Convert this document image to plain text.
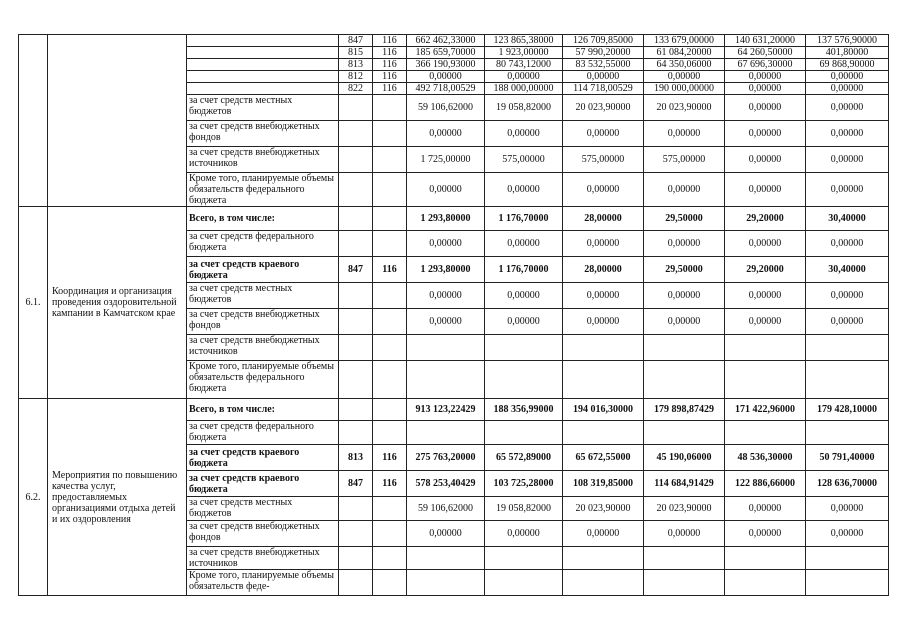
			847	116	662 462,33000	123 865,38000	126 709,85000	133 679,00000	140 631,20000	137 576,90000
			815	116	185 659,70000	1 923,00000	57 990,20000	61 084,20000	64 260,50000	401,80000
			813	116	366 190,93000	80 743,12000	83 532,55000	64 350,06000	67 696,30000	69 868,90000
			812	116	0,00000	0,00000	0,00000	0,00000	0,00000	0,00000
			822	116	492 718,00529	188 000,00000	114 718,00529	190 000,00000	0,00000	0,00000
		за счет средств местных бюджетов			59 106,62000	19 058,82000	20 023,90000	20 023,90000	0,00000	0,00000
		за счет средств внебюджетных фондов			0,00000	0,00000	0,00000	0,00000	0,00000	0,00000
		за счет средств внебюджетных источников			1 725,00000	575,00000	575,00000	575,00000	0,00000	0,00000
		Кроме того, планируемые объемы обязательств федерального бюджета			0,00000	0,00000	0,00000	0,00000	0,00000	0,00000
6.1.	Координация и организация проведения оздоровительной кампании в Камчатском крае	Всего, в том числе:			1 293,80000	1 176,70000	28,00000	29,50000	29,20000	30,40000
		за счет средств федерального бюджета			0,00000	0,00000	0,00000	0,00000	0,00000	0,00000
		за счет средств краевого бюджета	847	116	1 293,80000	1 176,70000	28,00000	29,50000	29,20000	30,40000
		за счет средств местных бюджетов			0,00000	0,00000	0,00000	0,00000	0,00000	0,00000
		за счет средств внебюджетных фондов			0,00000	0,00000	0,00000	0,00000	0,00000	0,00000
		за счет средств внебюджетных источников								
		Кроме того, планируемые объемы обязательств федерального бюджета								
6.2.	Мероприятия по повышению качества услуг, предоставляемых организациями отдыха детей и их оздоровления	Всего, в том числе:			913 123,22429	188 356,99000	194 016,30000	179 898,87429	171 422,96000	179 428,10000
		за счет средств федерального бюджета								
		за счет средств краевого бюджета	813	116	275 763,20000	65 572,89000	65 672,55000	45 190,06000	48 536,30000	50 791,40000
		за счет средств краевого бюджета	847	116	578 253,40429	103 725,28000	108 319,85000	114 684,91429	122 886,66000	128 636,70000
		за счет средств местных бюджетов			59 106,62000	19 058,82000	20 023,90000	20 023,90000	0,00000	0,00000
		за счет средств внебюджетных фондов			0,00000	0,00000	0,00000	0,00000	0,00000	0,00000
		за счет средств внебюджетных источников								
		Кроме того, планируемые объемы обязательств феде-								
